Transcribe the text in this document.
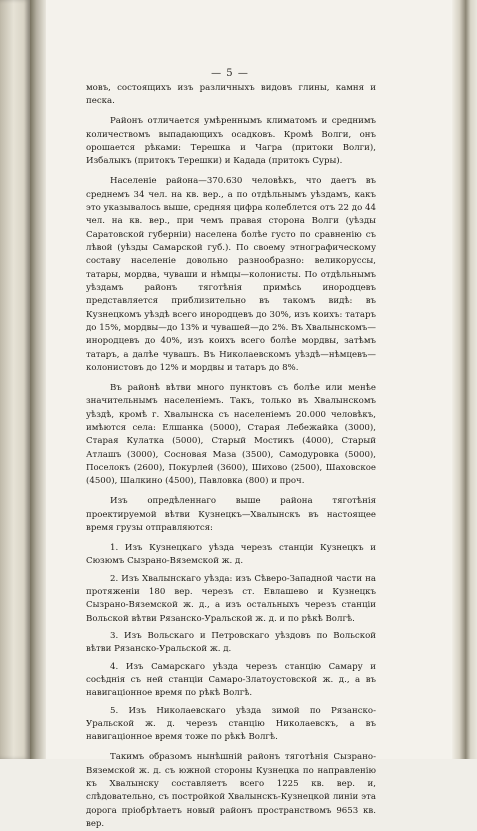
— 5 —

мовъ, состоящихъ изъ различныхъ видовъ глины, камня и песка.

Районъ отличается умѣреннымъ климатомъ и среднимъ количествомъ выпадающихъ осадковъ. Кромѣ Волги, онъ орошается рѣками: Терешка и Чагра (притоки Волги), Избалыкъ (притокъ Терешки) и Кадада (притокъ Суры).

Населеніе района—370.630 человѣкъ, что даетъ въ среднемъ 34 чел. на кв. вер., а по отдѣльнымъ уѣздамъ, какъ это указывалось выше, средняя цифра колеблется отъ 22 до 44 чел. на кв. вер., при чемъ правая сторона Волги (уѣзды Саратовской губерніи) населена болѣе густо по сравненію съ лѣвой (уѣзды Самарской губ.). По своему этнографическому составу населеніе довольно разнообразно: великоруссы, татары, мордва, чуваши и нѣмцы—колонисты. По отдѣльнымъ уѣздамъ районъ тяготѣнія примѣсь инородцевъ представляется приблизительно въ такомъ видѣ: въ Кузнецкомъ уѣздѣ всего инородцевъ до 30%, изъ коихъ: татаръ до 15%, мордвы—до 13% и чувашей—до 2%. Въ Хвалынскомъ—инородцевъ до 40%, изъ коихъ всего болѣе мордвы, затѣмъ татаръ, а далѣе чувашъ. Въ Николаевскомъ уѣздѣ—нѣмцевъ—колонистовъ до 12% и мордвы и татаръ до 8%.

Въ районѣ вѣтви много пунктовъ съ болѣе или менѣе значительнымъ населеніемъ. Такъ, только въ Хвалынскомъ уѣздѣ, кромѣ г. Хвалынска съ населеніемъ 20.000 человѣкъ, имѣются села: Елшанка (5000), Старая Лебежайка (3000), Старая Кулатка (5000), Старый Мостикъ (4000), Старый Атлашъ (3000), Сосновая Маза (3500), Самодуровка (5000), Поселокъ (2600), Покурлей (3600), Шихово (2500), Шаховское (4500), Шалкино (4500), Павловка (800) и проч.

Изъ опредѣленнаго выше района тяготѣнія проектируемой вѣтви Кузнецкъ—Хвалынскъ въ настоящее время грузы отправляются:

1. Изъ Кузнецкаго уѣзда черезъ станціи Кузнецкъ и Сюзюмъ Сызрано-Вяземской ж. д.

2. Изъ Хвалынскаго уѣзда: изъ Сѣверо-Западной части на протяженіи 180 вер. черезъ ст. Евлашево и Кузнецкъ Сызрано-Вяземской ж. д., а изъ остальныхъ черезъ станціи Вольской вѣтви Рязанско-Уральской ж. д. и по рѣкѣ Волгѣ.

3. Изъ Вольскаго и Петровскаго уѣздовъ по Вольской вѣтви Рязанско-Уральской ж. д.

4. Изъ Самарскаго уѣзда черезъ станцію Самару и сосѣднія съ ней станціи Самаро-Златоустовской ж. д., а въ навигаціонное время по рѣкѣ Волгѣ.

5. Изъ Николаевскаго уѣзда зимой по Рязанско-Уральской ж. д. черезъ станцію Николаевскъ, а въ навигаціонное время тоже по рѣкѣ Волгѣ.

Такимъ образомъ нынѣшній районъ тяготѣнія Сызрано-Вяземской ж. д. съ южной стороны Кузнецка по направленію къ Хвалынску составляетъ всего 1225 кв. вер. и, слѣдовательно, съ постройкой Хвалынскъ-Кузнецкой линіи эта дорога пріобрѣтаетъ новый районъ пространствомъ 9653 кв. вер.
